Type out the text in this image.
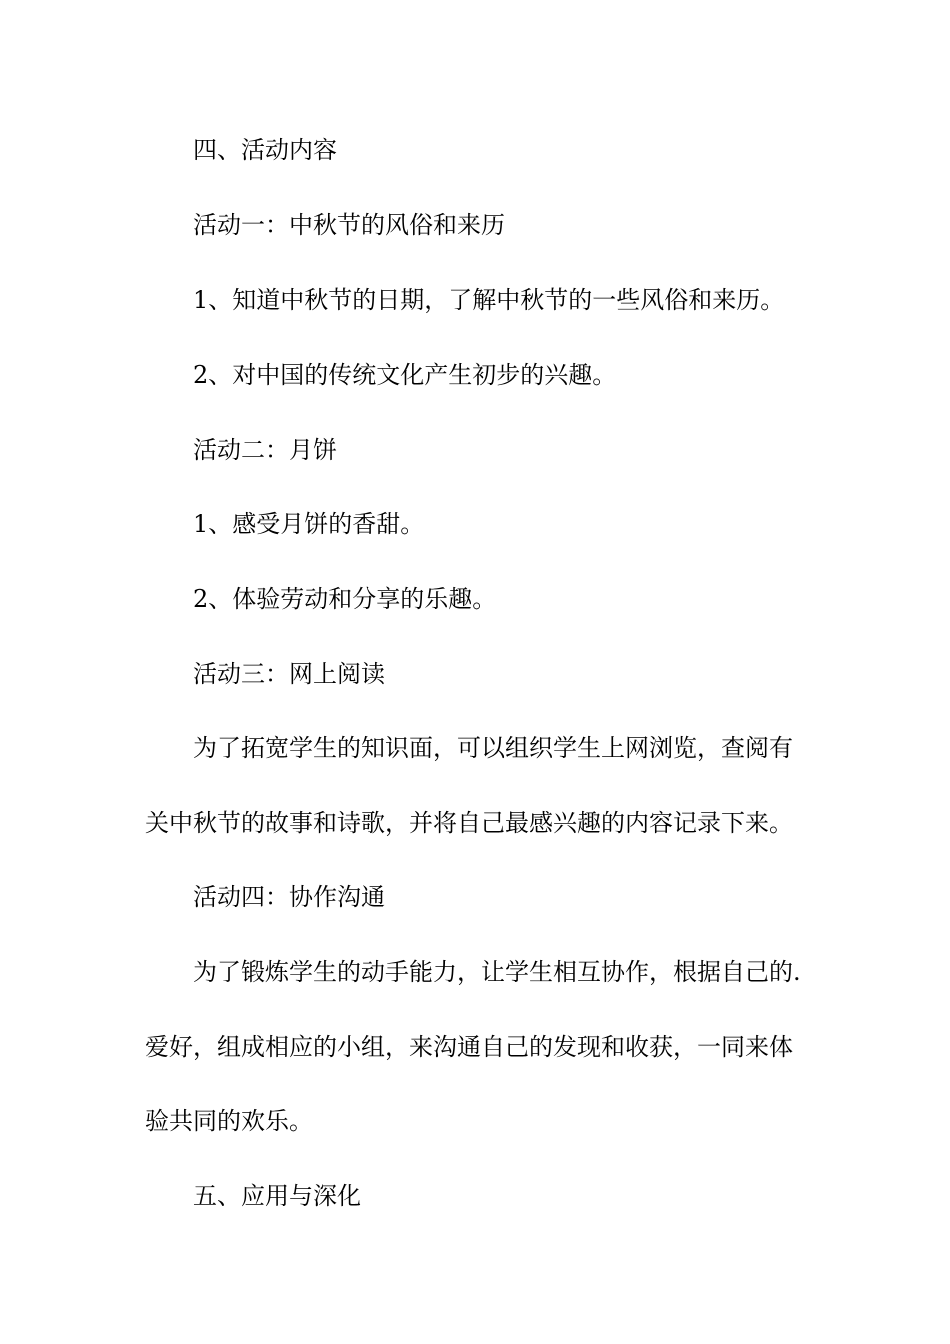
四、活动内容
活动一：中秋节的风俗和来历
1、知道中秋节的日期，了解中秋节的一些风俗和来历。
2、对中国的传统文化产生初步的兴趣。
活动二：月饼
1、感受月饼的香甜。
2、体验劳动和分享的乐趣。
活动三：网上阅读
为了拓宽学生的知识面，可以组织学生上网浏览，查阅有
关中秋节的故事和诗歌，并将自己最感兴趣的内容记录下来。
活动四：协作沟通
为了锻炼学生的动手能力，让学生相互协作，根据自己的.
爱好，组成相应的小组，来沟通自己的发现和收获，一同来体
验共同的欢乐。
五、应用与深化
